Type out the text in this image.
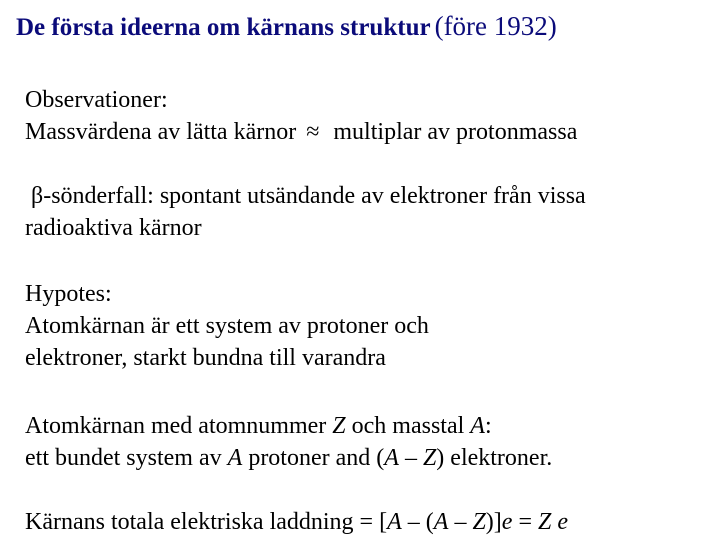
De första ideerna om kärnans struktur (före 1932)
Observationer:
Massvärdena av lätta kärnor ≈ multiplar av protonmassa
β-sönderfall: spontant utsändande av elektroner från vissa
radioaktiva kärnor
Hypotes:
Atomkärnan är ett system av protoner och
elektroner, starkt bundna till varandra
Atomkärnan med atomnummer Z och masstal A:
ett bundet system av A protoner and (A – Z) elektroner.
Kärnans totala elektriska laddning = [A – (A – Z)]e = Z e
